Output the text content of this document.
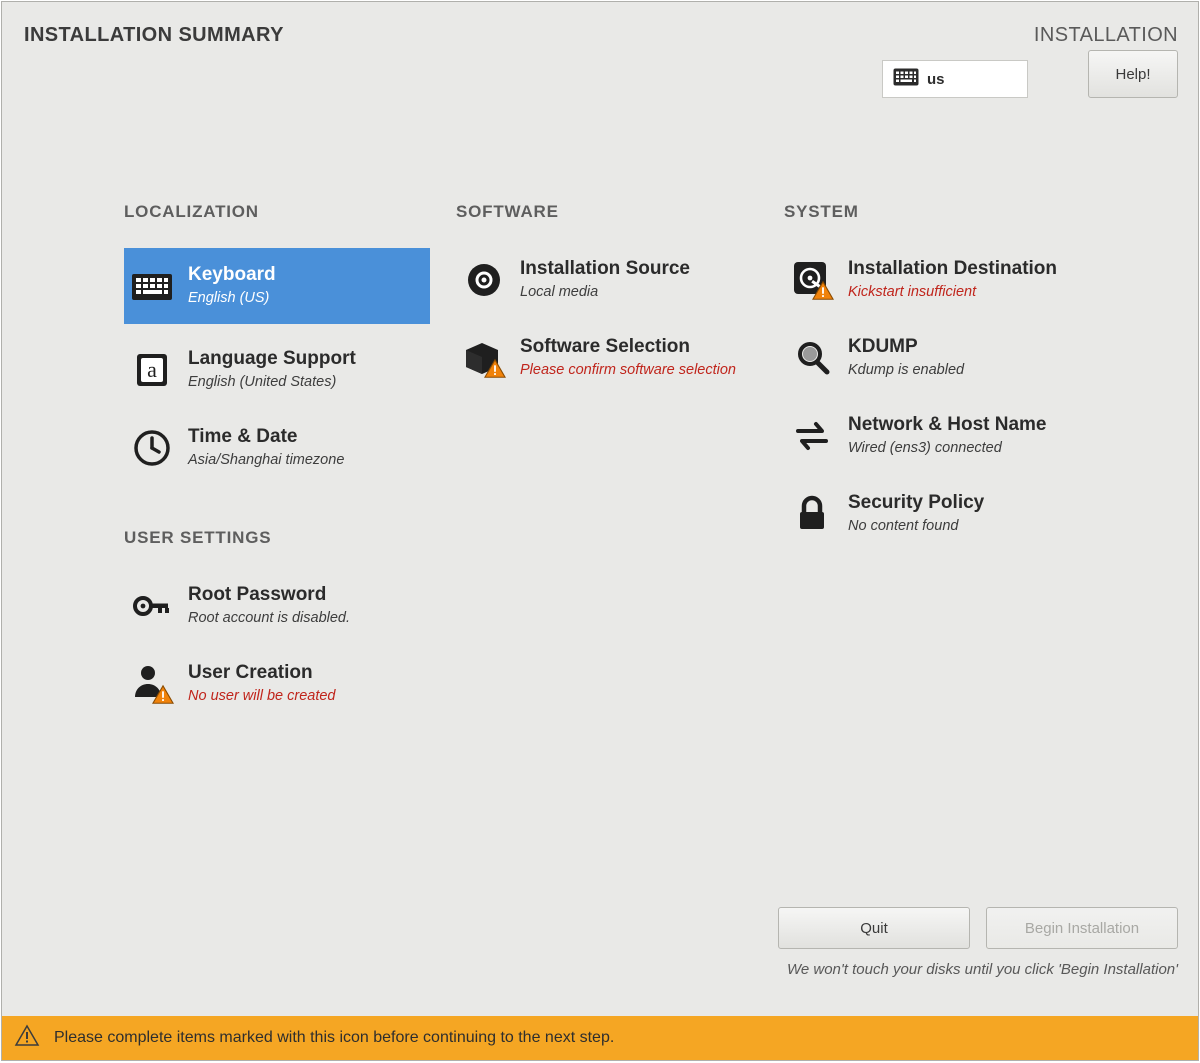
INSTALLATION SUMMARY	INSTALLATION
us	Help!
LOCALIZATION
Keyboard
English (US)
a Language Support
English (United States)
Time & Date
Asia/Shanghai timezone
USER SETTINGS
Root Password
Root account is disabled.
User Creation
No user will be created
SOFTWARE
Installation Source
Local media
Software Selection
Please confirm software selection
SYSTEM
Installation Destination
Kickstart insufficient
KDUMP
Kdump is enabled
Network & Host Name
Wired (ens3) connected
Security Policy
No content found
Quit	Begin Installation
We won't touch your disks until you click 'Begin Installation'
Please complete items marked with this icon before continuing to the next step.
